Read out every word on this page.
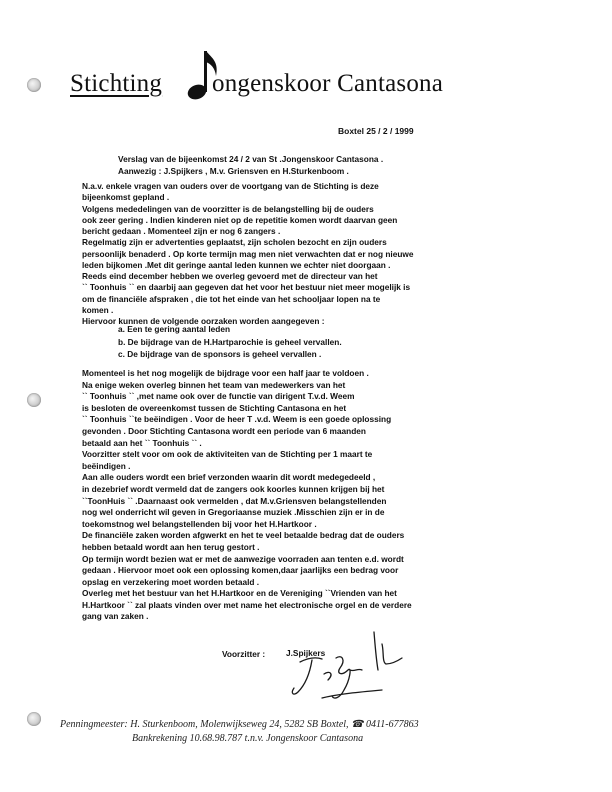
Stichting ongenskoor Cantasona
Boxtel 25 / 2 / 1999
Verslag van de bijeenkomst 24 / 2 van St .Jongenskoor Cantasona .
Aanwezig : J.Spijkers , M.v. Griensven en H.Sturkenboom .
N.a.v. enkele vragen van ouders over de voortgang van de Stichting is deze
bijeenkomst gepland .
Volgens mededelingen van de voorzitter is de belangstelling bij de ouders
ook zeer gering . Indien kinderen niet op de repetitie komen wordt daarvan geen
bericht gedaan . Momenteel zijn er nog 6 zangers .
Regelmatig zijn er advertenties geplaatst, zijn scholen bezocht en zijn ouders
persoonlijk benaderd . Op korte termijn mag men niet verwachten dat er nog nieuwe
leden bijkomen .Met dit geringe aantal leden kunnen we echter niet doorgaan .
Reeds eind december hebben we overleg gevoerd met de directeur van het
`` Toonhuis `` en daarbij aan gegeven dat het voor het bestuur niet meer mogelijk is
om de financiële afspraken , die tot het einde van het schooljaar lopen na te
komen .
Hiervoor kunnen de volgende oorzaken worden aangegeven :
a. Een te gering aantal leden
b. De bijdrage van de H.Hartparochie is geheel vervallen.
c. De bijdrage van de sponsors is geheel vervallen .
Momenteel is het nog mogelijk de bijdrage voor een half jaar te voldoen .
Na enige weken overleg binnen het team van medewerkers van het
`` Toonhuis `` ,met name ook over de functie van dirigent T.v.d. Weem
is besloten de overeenkomst tussen de Stichting Cantasona en het
`` Toonhuis ``te beëindigen . Voor de heer T .v.d. Weem is een goede oplossing
gevonden . Door Stichting Cantasona wordt een periode van 6 maanden
betaald aan het `` Toonhuis `` .
Voorzitter stelt voor om ook de aktiviteiten van de Stichting per 1 maart te
beëindigen .
Aan alle ouders wordt een brief verzonden waarin dit wordt medegedeeld ,
in dezebrief wordt vermeld dat de zangers ook koorles kunnen krijgen bij het
``ToonHuis `` .Daarnaast ook vermelden , dat M.v.Griensven belangstellenden
nog wel onderricht wil geven in Gregoriaanse muziek .Misschien zijn er in de
toekomstnog wel belangstellenden bij voor het H.Hartkoor .
De financiële zaken worden afgwerkt en het te veel betaalde bedrag dat de ouders
hebben betaald wordt aan hen terug gestort .
Op termijn wordt bezien wat er met de aanwezige voorraden aan tenten e.d. wordt
gedaan . Hiervoor moet ook een oplossing komen,daar jaarlijks een bedrag voor
opslag en verzekering moet worden betaald .
Overleg met het bestuur van het H.Hartkoor en de Vereniging ``Vrienden van het
H.Hartkoor `` zal plaats vinden over met name het electronische orgel en de verdere
gang van zaken .
Voorzitter :	J.Spijkers
Penningmeester: H. Sturkenboom, Molenwijkseweg 24, 5282 SB Boxtel, ☎ 0411-677863
Bankrekening 10.68.98.787 t.n.v. Jongenskoor Cantasona
